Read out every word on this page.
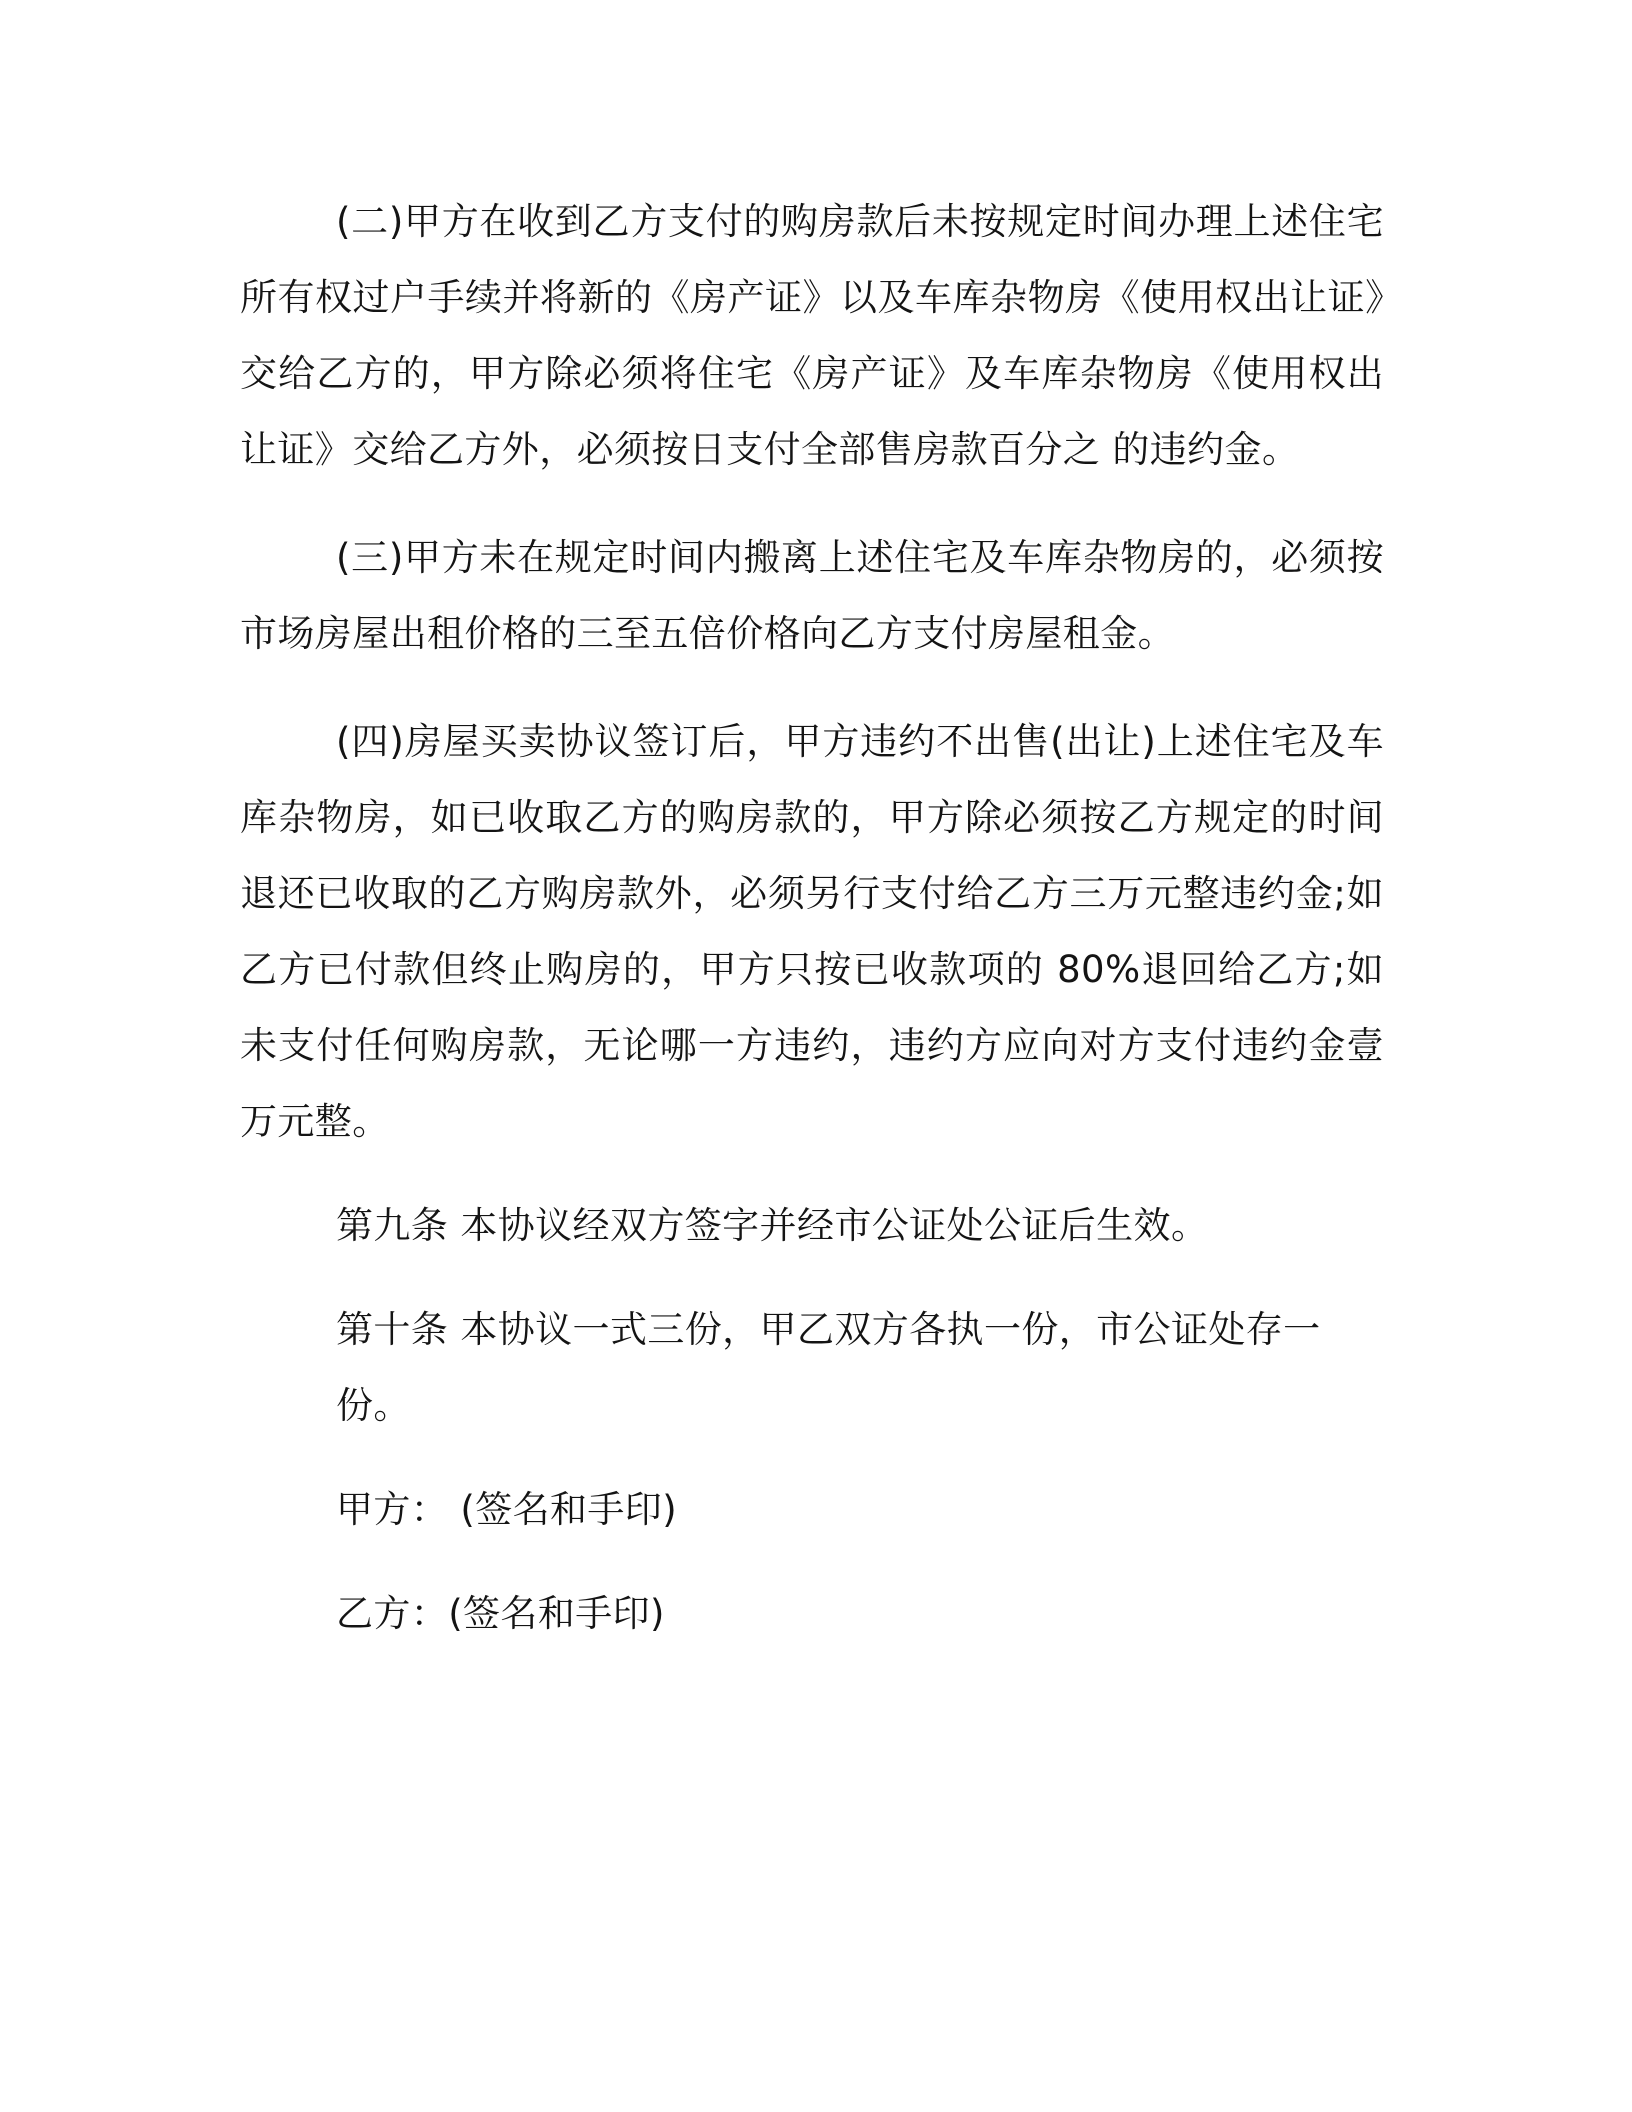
(二)甲方在收到乙方支付的购房款后未按规定时间办理上述住宅所有权过户手续并将新的《房产证》以及车库杂物房《使用权出让证》交给乙方的，甲方除必须将住宅《房产证》及车库杂物房《使用权出让证》交给乙方外，必须按日支付全部售房款百分之 的违约金。

(三)甲方未在规定时间内搬离上述住宅及车库杂物房的，必须按市场房屋出租价格的三至五倍价格向乙方支付房屋租金。

(四)房屋买卖协议签订后，甲方违约不出售(出让)上述住宅及车库杂物房，如已收取乙方的购房款的，甲方除必须按乙方规定的时间退还已收取的乙方购房款外，必须另行支付给乙方三万元整违约金;如乙方已付款但终止购房的，甲方只按已收款项的 80%退回给乙方;如未支付任何购房款，无论哪一方违约，违约方应向对方支付违约金壹万元整。

第九条 本协议经双方签字并经市公证处公证后生效。

第十条 本协议一式三份，甲乙双方各执一份，市公证处存一份。

甲方： (签名和手印)

乙方：(签名和手印)
